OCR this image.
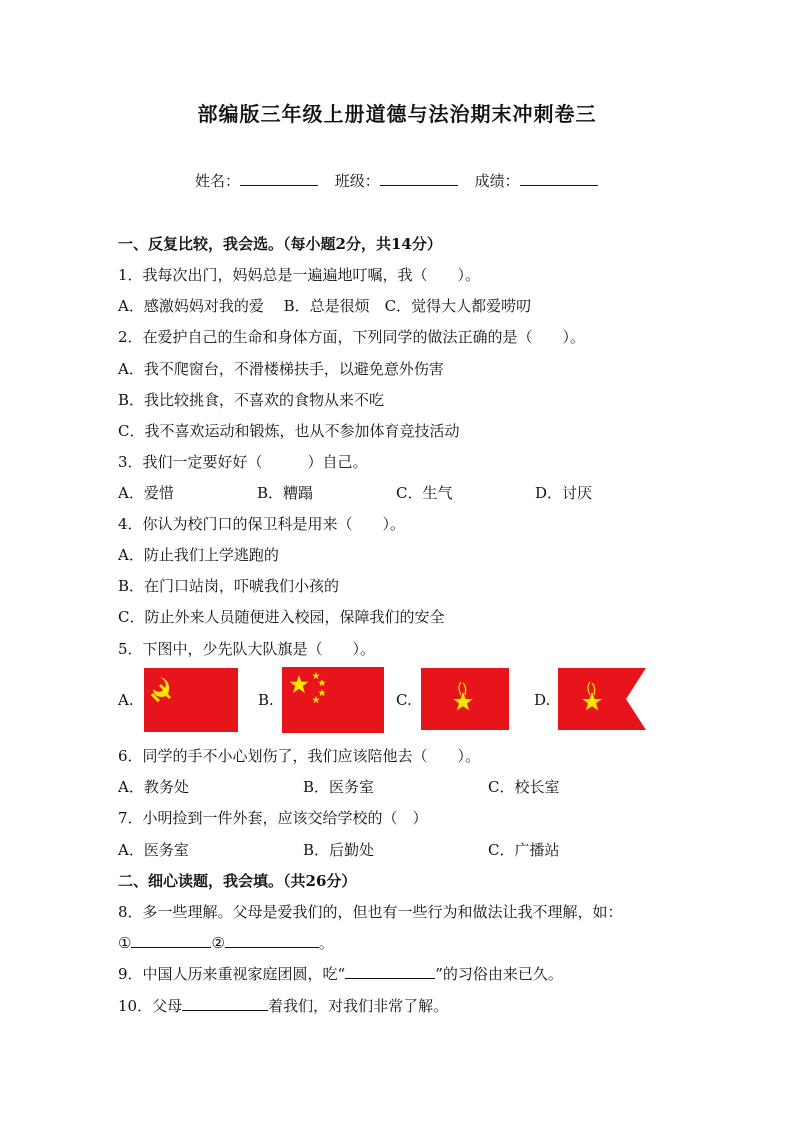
部编版三年级上册道德与法治期末冲刺卷三
姓名：	班级：	成绩：
一、反复比较，我会选。（每小题2分，共14分）
1．我每次出门，妈妈总是一遍遍地叮嘱，我（　　）。
A．感激妈妈对我的爱　 B．总是很烦　C．觉得大人都爱唠叨
2．在爱护自己的生命和身体方面，下列同学的做法正确的是（　　）。
A．我不爬窗台，不滑楼梯扶手，以避免意外伤害
B．我比较挑食，不喜欢的食物从来不吃
C．我不喜欢运动和锻炼，也从不参加体育竞技活动
3．我们一定要好好（　　　）自己。
A．爱惜	B．糟蹋	C．生气	D．讨厌
4．你认为校门口的保卫科是用来（　　）。
A．防止我们上学逃跑的
B．在门口站岗，吓唬我们小孩的
C．防止外来人员随便进入校园，保障我们的安全
5．下图中，少先队大队旗是（　　）。
A.	B.	C.	D.
6．同学的手不小心划伤了，我们应该陪他去（　　）。
A．教务处	B．医务室	C．校长室
7．小明捡到一件外套，应该交给学校的（　）
A．医务室	B．后勤处	C．广播站
二、细心读题，我会填。（共26分）
8．多一些理解。父母是爱我们的，但也有一些行为和做法让我不理解，如：
①	②	。
9．中国人历来重视家庭团圆，吃“	”的习俗由来已久。
10．父母	着我们，对我们非常了解。
